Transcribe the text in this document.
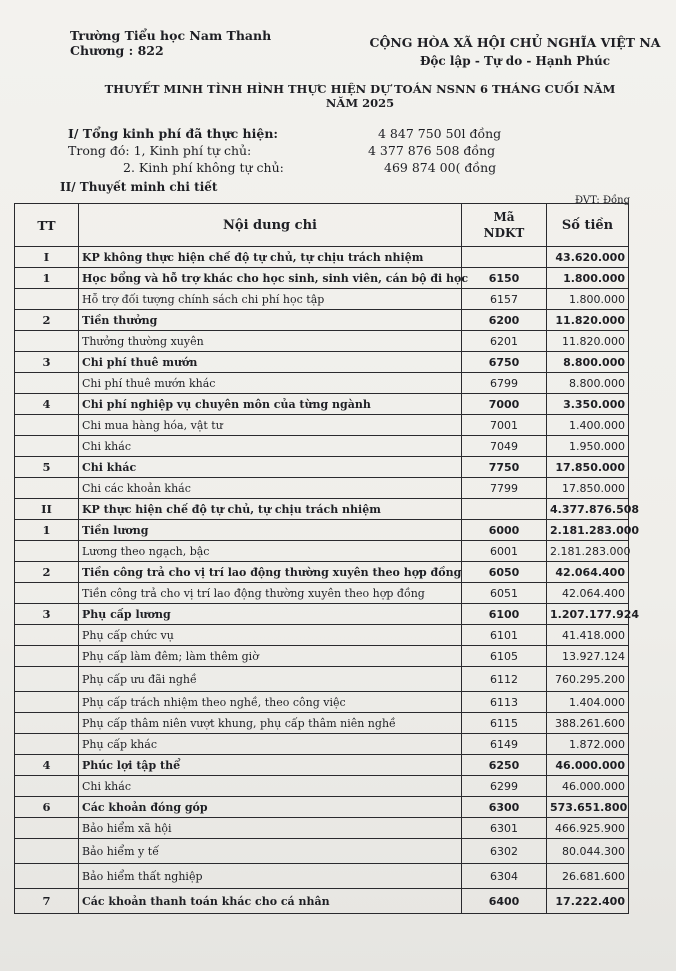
Trường Tiểu học Nam Thanh
Chương : 822
CỘNG HÒA XÃ HỘI CHỦ NGHĨA VIỆT NA
Độc lập - Tự do - Hạnh Phúc
THUYẾT MINH TÌNH HÌNH THỰC HIỆN DỰ TOÁN NSNN 6 THÁNG CUỐI NĂM
NĂM 2025
I/ Tổng kinh phí đã thực hiện:	4 847 750 50l đồng
Trong đó: 1, Kinh phí tự chủ:	4 377 876 508 đồng
2. Kinh phí không tự chủ:	469 874 00( đồng
II/ Thuyết minh chi tiết
ĐVT: Đồng
TT	Nội dung chi	Mã
NDKT	Số tiền
I	KP không thực hiện chế độ tự chủ, tự chịu trách nhiệm		43.620.000
1	Học bổng và hỗ trợ khác cho học sinh, sinh viên, cán bộ đi học	6150	1.800.000
	Hỗ trợ đối tượng chính sách chi phí học tập	6157	1.800.000
2	Tiền thưởng	6200	11.820.000
	Thưởng thường xuyên	6201	11.820.000
3	Chi phí thuê mướn	6750	8.800.000
	Chi phí thuê mướn khác	6799	8.800.000
4	Chi phí nghiệp vụ chuyên môn của từng ngành	7000	3.350.000
	Chi mua hàng hóa, vật tư	7001	1.400.000
	Chi khác	7049	1.950.000
5	Chi khác	7750	17.850.000
	Chi các khoản khác	7799	17.850.000
II	KP thực hiện chế độ tự chủ, tự chịu trách nhiệm		4.377.876.508
1	Tiền lương	6000	2.181.283.000
	Lương theo ngạch, bậc	6001	2.181.283.000
2	Tiền công trả cho vị trí lao động thường xuyên theo hợp đồng	6050	42.064.400
	Tiền công trả cho vị trí lao động thường xuyên theo hợp đồng	6051	42.064.400
3	Phụ cấp lương	6100	1.207.177.924
	Phụ cấp chức vụ	6101	41.418.000
	Phụ cấp làm đêm; làm thêm giờ	6105	13.927.124
	Phụ cấp ưu đãi nghề	6112	760.295.200
	Phụ cấp trách nhiệm theo nghề, theo công việc	6113	1.404.000
	Phụ cấp thâm niên vượt khung, phụ cấp thâm niên nghề	6115	388.261.600
	Phụ cấp khác	6149	1.872.000
4	Phúc lợi tập thể	6250	46.000.000
	Chi khác	6299	46.000.000
6	Các khoản đóng góp	6300	573.651.800
	Bảo hiểm xã hội	6301	466.925.900
	Bảo hiểm y tế	6302	80.044.300
	Bảo hiểm thất nghiệp	6304	26.681.600
7	Các khoản thanh toán khác cho cá nhân	6400	17.222.400
